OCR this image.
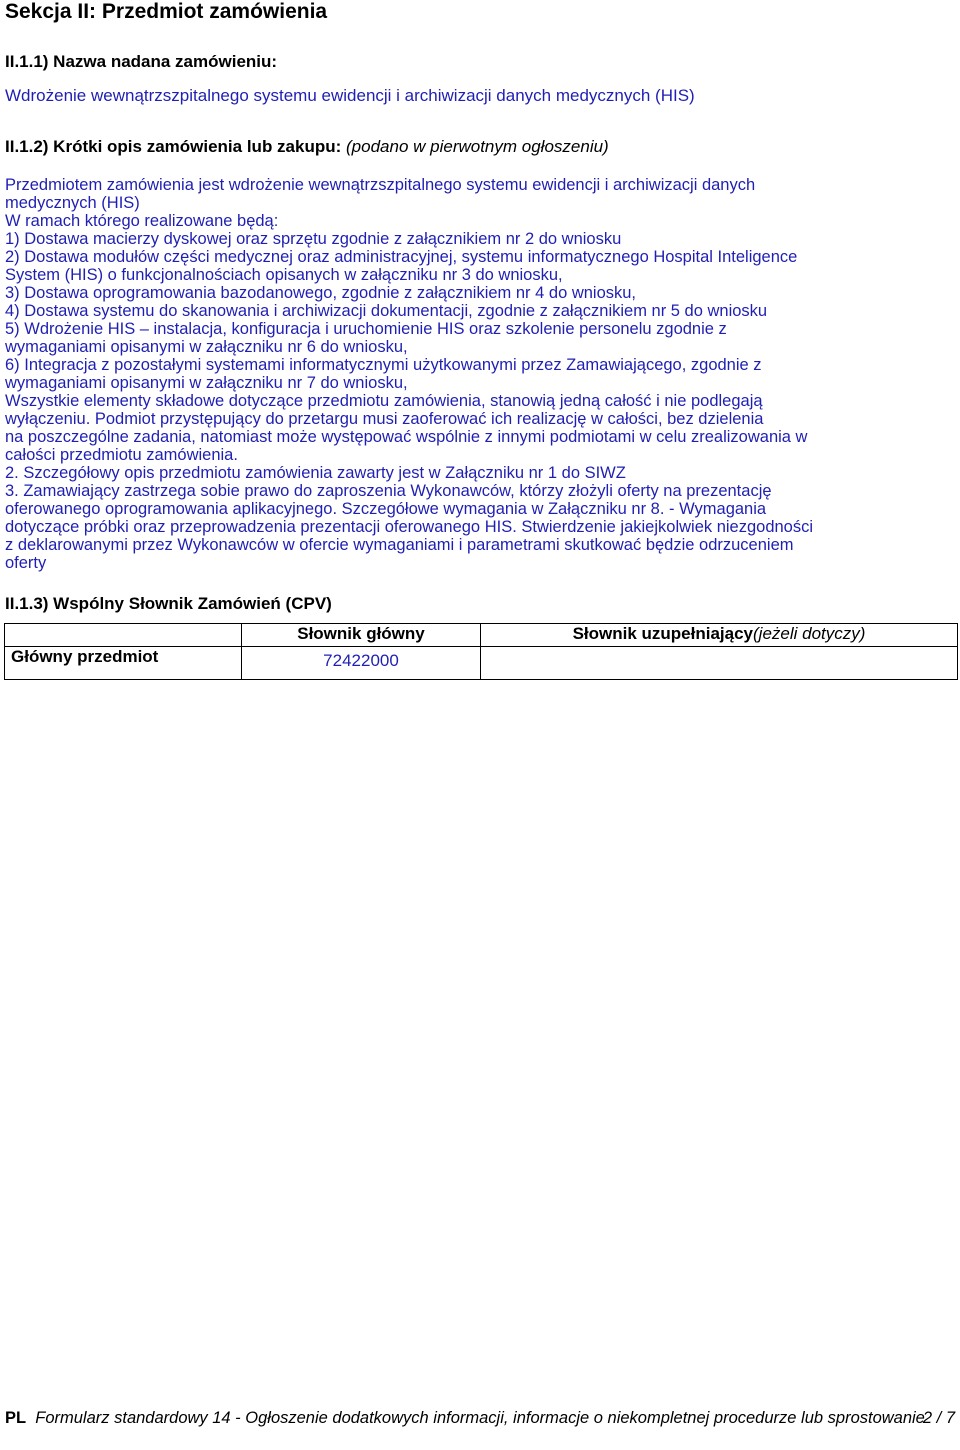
Sekcja II: Przedmiot zamówienia
II.1.1) Nazwa nadana zamówieniu:
Wdrożenie wewnątrzszpitalnego systemu ewidencji i archiwizacji danych medycznych (HIS)
II.1.2) Krótki opis zamówienia lub zakupu: (podano w pierwotnym ogłoszeniu)
Przedmiotem zamówienia jest wdrożenie wewnątrzszpitalnego systemu ewidencji i archiwizacji danych
medycznych (HIS)
W ramach którego realizowane będą:
1) Dostawa macierzy dyskowej oraz sprzętu zgodnie z załącznikiem nr 2 do wniosku
2) Dostawa modułów części medycznej oraz administracyjnej, systemu informatycznego Hospital Inteligence
System (HIS) o funkcjonalnościach opisanych w załączniku nr 3 do wniosku,
3) Dostawa oprogramowania bazodanowego, zgodnie z załącznikiem nr 4 do wniosku,
4) Dostawa systemu do skanowania i archiwizacji dokumentacji, zgodnie z załącznikiem nr 5 do wniosku
5) Wdrożenie HIS – instalacja, konfiguracja i uruchomienie HIS oraz szkolenie personelu zgodnie z
wymaganiami opisanymi w załączniku nr 6 do wniosku,
6) Integracja z pozostałymi systemami informatycznymi użytkowanymi przez Zamawiającego, zgodnie z
wymaganiami opisanymi w załączniku nr 7 do wniosku,
Wszystkie elementy składowe dotyczące przedmiotu zamówienia, stanowią jedną całość i nie podlegają
wyłączeniu. Podmiot przystępujący do przetargu musi zaoferować ich realizację w całości, bez dzielenia
na poszczególne zadania, natomiast może występować wspólnie z innymi podmiotami w celu zrealizowania w
całości przedmiotu zamówienia.
2. Szczegółowy opis przedmiotu zamówienia zawarty jest w Załączniku nr 1 do SIWZ
3. Zamawiający zastrzega sobie prawo do zaproszenia Wykonawców, którzy złożyli oferty na prezentację
oferowanego oprogramowania aplikacyjnego. Szczegółowe wymagania w Załączniku nr 8. - Wymagania
dotyczące próbki oraz przeprowadzenia prezentacji oferowanego HIS. Stwierdzenie jakiejkolwiek niezgodności
z deklarowanymi przez Wykonawców w ofercie wymaganiami i parametrami skutkować będzie odrzuceniem
oferty
II.1.3) Wspólny Słownik Zamówień (CPV)
	Słownik główny	Słownik uzupełniający(jeżeli dotyczy)
Główny przedmiot	72422000	
PL Formularz standardowy 14 - Ogłoszenie dodatkowych informacji, informacje o niekompletnej procedurze lub sprostowanie
2 / 7
